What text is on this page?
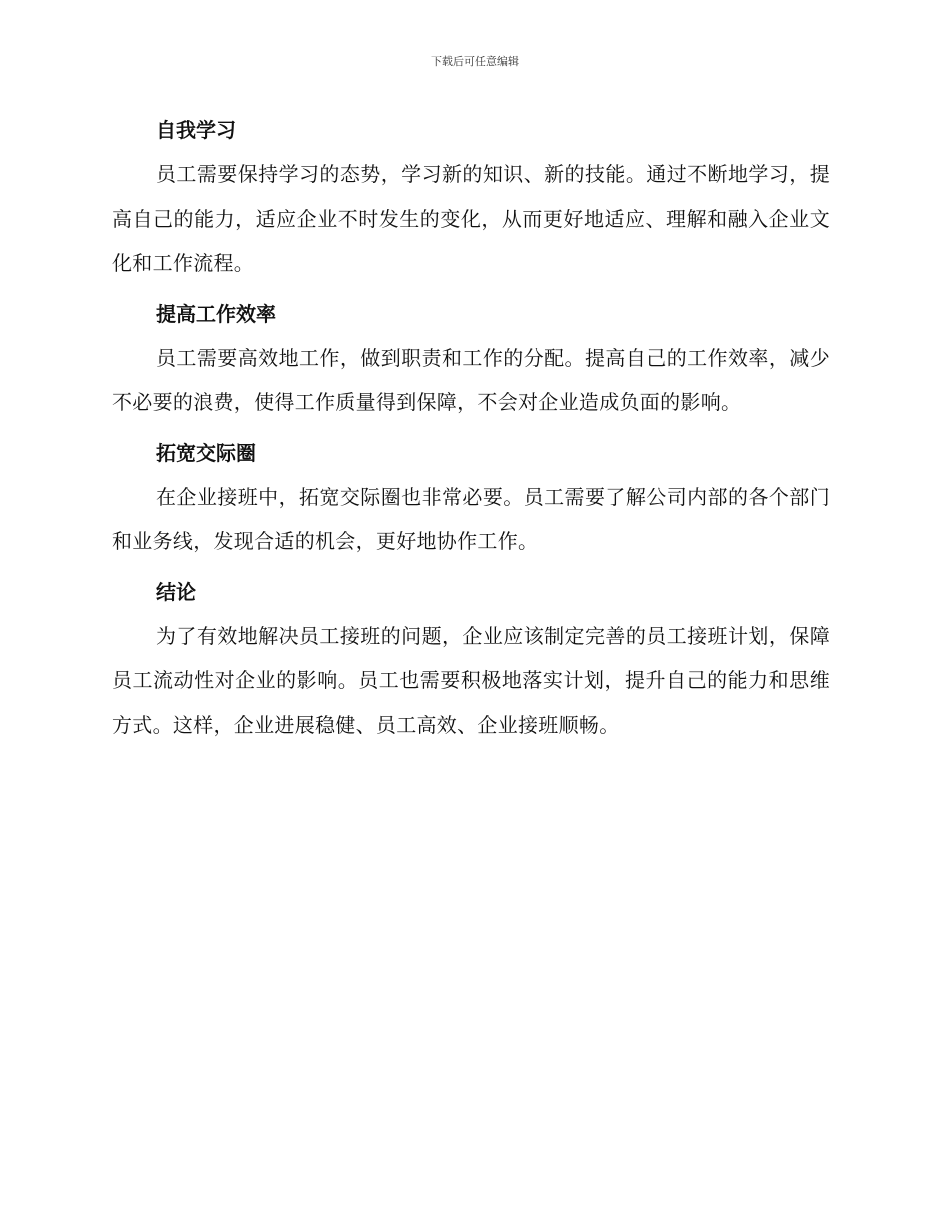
下载后可任意编辑
自我学习

员工需要保持学习的态势，学习新的知识、新的技能。通过不断地学习，提高自己的能力，适应企业不时发生的变化，从而更好地适应、理解和融入企业文化和工作流程。

提高工作效率

员工需要高效地工作，做到职责和工作的分配。提高自己的工作效率，减少不必要的浪费，使得工作质量得到保障，不会对企业造成负面的影响。

拓宽交际圈

在企业接班中，拓宽交际圈也非常必要。员工需要了解公司内部的各个部门和业务线，发现合适的机会，更好地协作工作。

结论

为了有效地解决员工接班的问题，企业应该制定完善的员工接班计划，保障员工流动性对企业的影响。员工也需要积极地落实计划，提升自己的能力和思维方式。这样，企业进展稳健、员工高效、企业接班顺畅。
